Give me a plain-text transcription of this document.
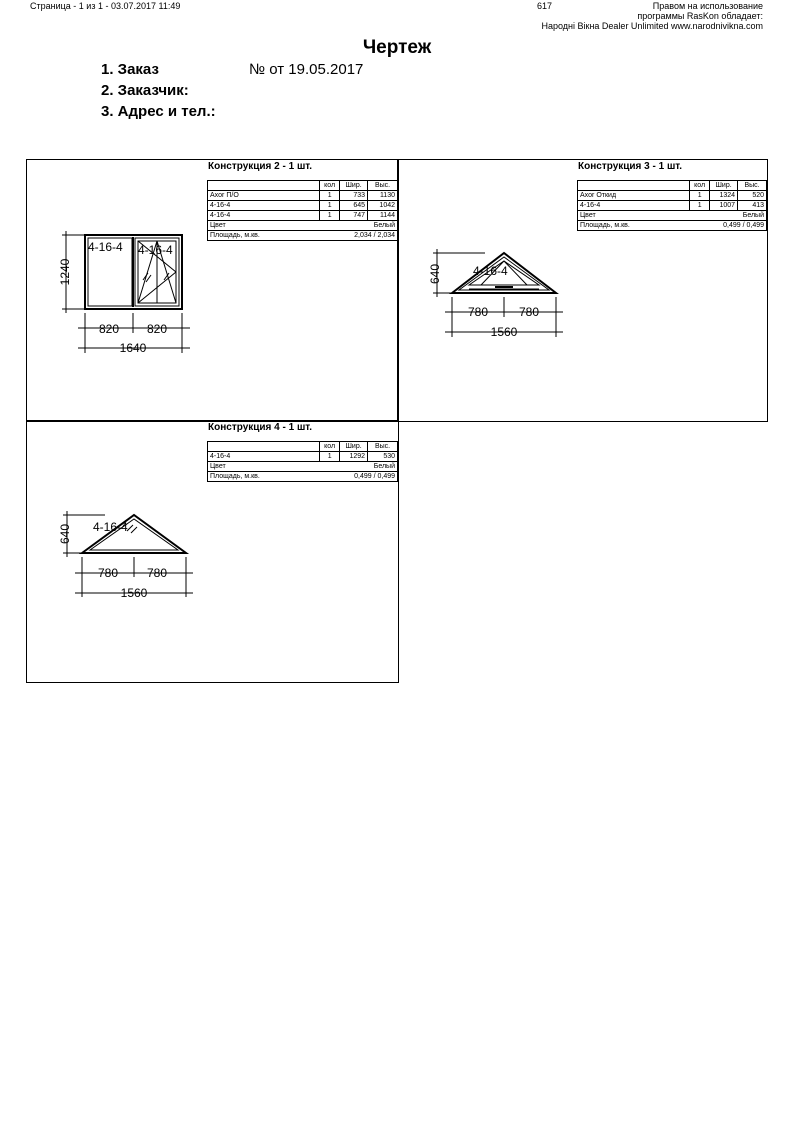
Страница - 1 из 1 - 03.07.2017 11:49	617	Правом на использование
программы RasKon обладает:
Народні Вікна Dealer Unlimited www.narodnivikna.com
Чертеж
1. Заказ	№ от 19.05.2017
2. Заказчик:
3. Адрес и тел.:
Конструкция 2 - 1 шт.
	кол	Шир.	Выс.
Axor П/О	1	733	1130
4-16-4	1	645	1042
4-16-4	1	747	1144
Цвет		Белый	
Площадь, м.кв.		2,034 / 2,034	
4-16-4 4-16-4
1240
820 820
1640
Конструкция 3 - 1 шт.
	кол	Шир.	Выс.
Axor Откид	1	1324	520
4-16-4	1	1007	413
Цвет		Белый	
Площадь, м.кв.		0,499 / 0,499	
4-16-4
640
780	780
1560
Конструкция 4 - 1 шт.
	кол	Шир.	Выс.
4-16-4	1	1292	530
Цвет		Белый	
Площадь, м.кв.		0,499 / 0,499	
4-16-4
640
780 780
1560
